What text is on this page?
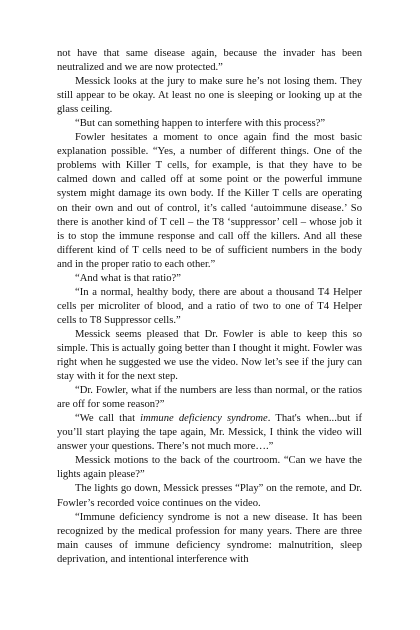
not have that same disease again, because the invader has been neutralized and we are now protected.”

Messick looks at the jury to make sure he’s not losing them. They still appear to be okay. At least no one is sleeping or looking up at the glass ceiling.

“But can something happen to interfere with this process?”

Fowler hesitates a moment to once again find the most basic explanation possible. “Yes, a number of different things. One of the problems with Killer T cells, for example, is that they have to be calmed down and called off at some point or the powerful immune system might damage its own body. If the Killer T cells are operating on their own and out of control, it’s called ‘autoimmune disease.’ So there is another kind of T cell – the T8 ‘suppressor’ cell – whose job it is to stop the immune response and call off the killers. And all these different kind of T cells need to be of sufficient numbers in the body and in the proper ratio to each other.”

“And what is that ratio?”

“In a normal, healthy body, there are about a thousand T4 Helper cells per microliter of blood, and a ratio of two to one of T4 Helper cells to T8 Suppressor cells.”

Messick seems pleased that Dr. Fowler is able to keep this so simple. This is actually going better than I thought it might. Fowler was right when he suggested we use the video. Now let’s see if the jury can stay with it for the next step.

“Dr. Fowler, what if the numbers are less than normal, or the ratios are off for some reason?”

“We call that immune deficiency syndrome. That's when...but if you’ll start playing the tape again, Mr. Messick, I think the video will answer your questions. There’s not much more….”

Messick motions to the back of the courtroom. “Can we have the lights again please?”

The lights go down, Messick presses “Play” on the remote, and Dr. Fowler’s recorded voice continues on the video.

“Immune deficiency syndrome is not a new disease. It has been recognized by the medical profession for many years. There are three main causes of immune deficiency syndrome: malnutrition, sleep deprivation, and intentional interference with
